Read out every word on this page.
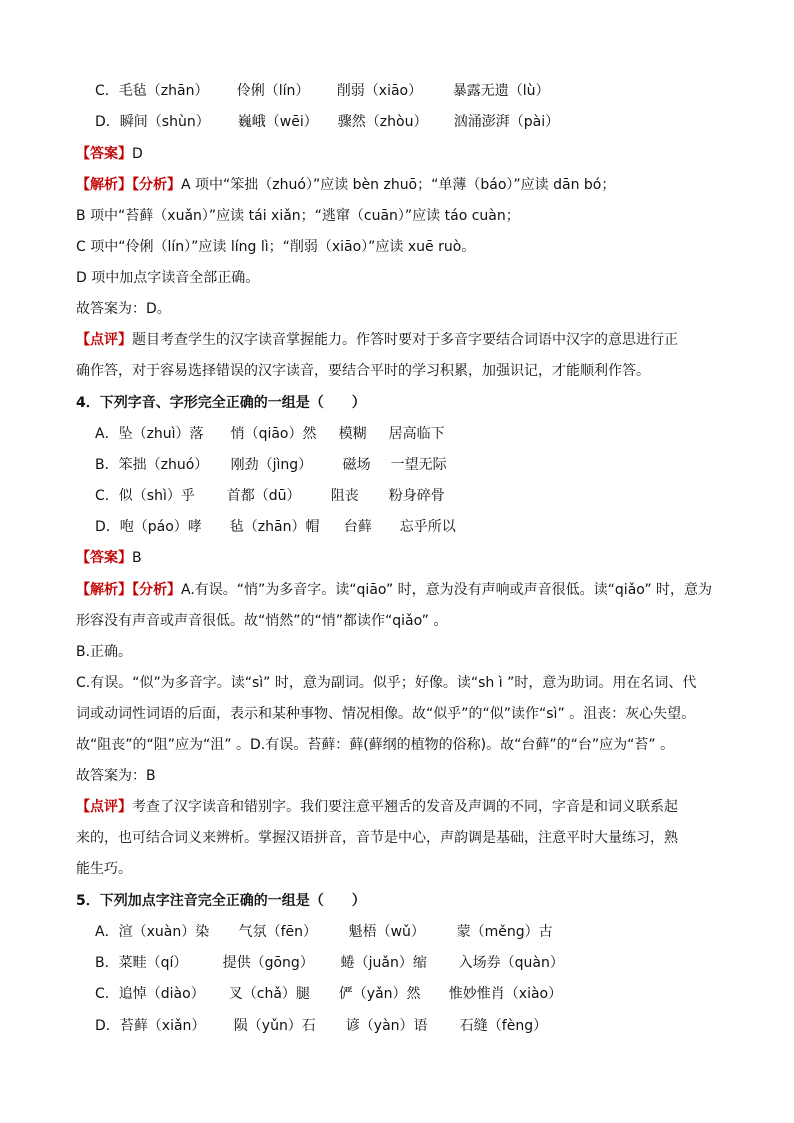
C．毛毡（zhān） 伶俐（lín） 削弱（xiāo） 暴露无遗（lù）
D．瞬间（shùn） 巍峨（wēi） 骤然（zhòu） 汹涌澎湃（pài）
【答案】D
【解析】【分析】A 项中“笨拙（zhuó）”应读 bèn zhuō；“单薄（báo）”应读 dān bó；
B 项中“苔藓（xuǎn）”应读 tái xiǎn；“逃窜（cuān）”应读 táo cuàn；
C 项中“伶俐（lín）”应读 líng lì；“削弱（xiāo）”应读 xuē ruò。
D 项中加点字读音全部正确。
故答案为：D。
【点评】题目考查学生的汉字读音掌握能力。作答时要对于多音字要结合词语中汉字的意思进行正
确作答，对于容易选择错误的汉字读音，要结合平时的学习积累，加强识记，才能顺利作答。
4．下列字音、字形完全正确的一组是（　　）
A．坠（zhuì）落 悄（qiāo）然 模糊 居高临下
B．笨拙（zhuó） 刚劲（jìng） 磁场 一望无际
C．似（shì）乎 首都（dū） 阻丧 粉身碎骨
D．咆（páo）哮 毡（zhān）帽 台藓 忘乎所以
【答案】B
【解析】【分析】A.有误。“悄”为多音字。读“qiāo” 时，意为没有声响或声音很低。读“qiǎo” 时，意为
形容没有声音或声音很低。故“悄然”的“悄”都读作“qiǎo” 。
B.正确。
C.有误。“似”为多音字。读“sì” 时，意为副词。似乎；好像。读“sh ì ”时，意为助词。用在名词、代
词或动词性词语的后面，表示和某种事物、情况相像。故“似乎”的“似”读作“sì” 。沮丧：灰心失望。
故“阻丧”的“阻”应为“沮” 。D.有误。苔藓：藓(藓纲的植物的俗称)。故“台藓”的“台”应为“苔” 。
故答案为：B
【点评】考查了汉字读音和错别字。我们要注意平翘舌的发音及声调的不同，字音是和词义联系起
来的，也可结合词义来辨析。掌握汉语拼音，音节是中心，声韵调是基础，注意平时大量练习，熟
能生巧。
5．下列加点字注音完全正确的一组是（　　）
A．渲（xuàn）染 气氛（fēn） 魁梧（wǔ） 蒙（měng）古
B．菜畦（qí）	提供（gōng） 蜷（juǎn）缩 入场券（quàn）
C．追悼（diào） 叉（chǎ）腿 俨（yǎn）然 惟妙惟肖（xiào）
D．苔藓（xiǎn） 陨（yǔn）石 谚（yàn）语 石缝（fèng）
